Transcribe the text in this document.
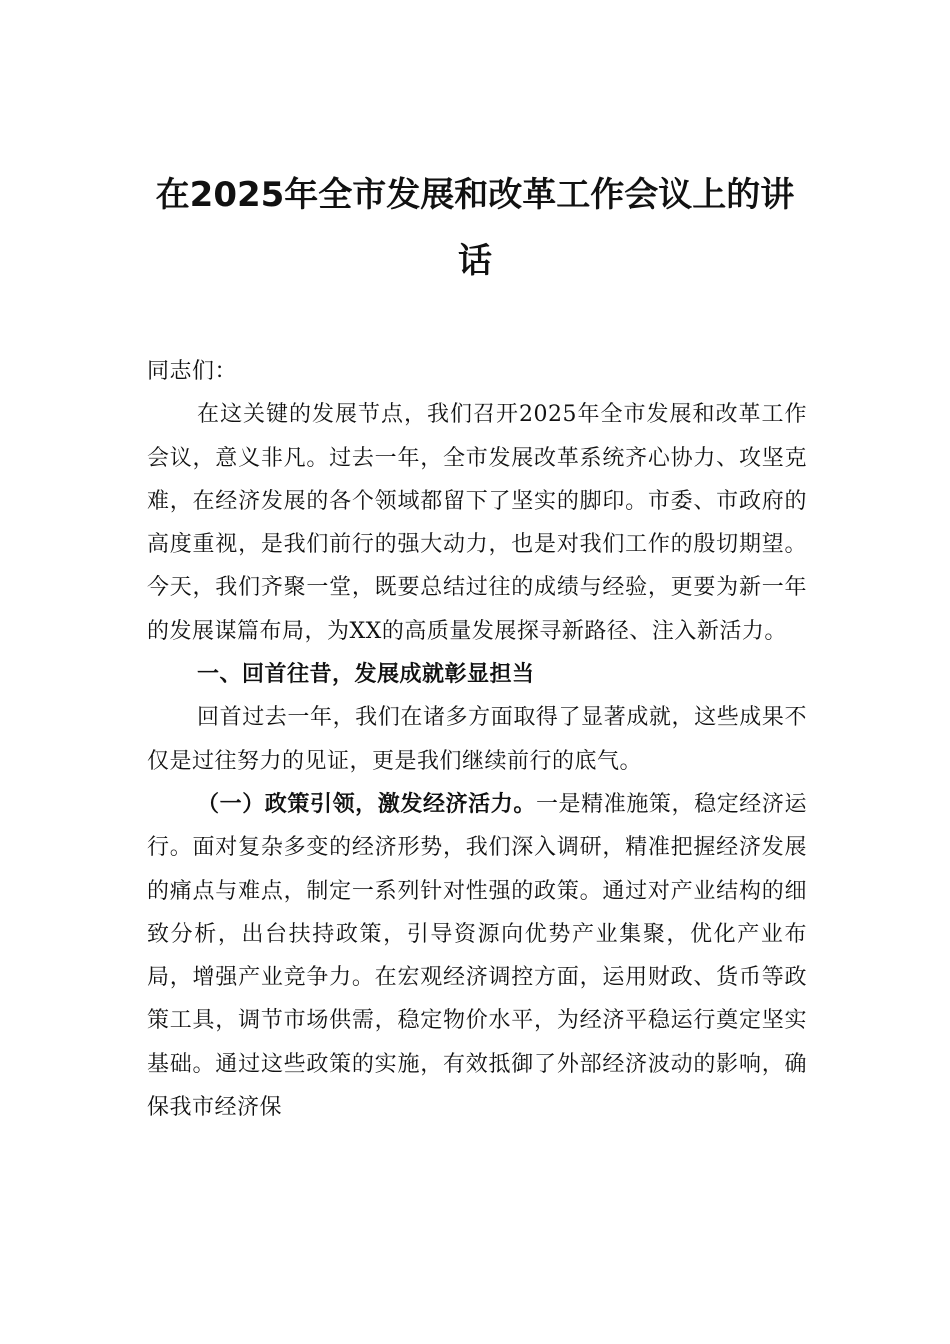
在2025年全市发展和改革工作会议上的讲话

同志们：

在这关键的发展节点，我们召开2025年全市发展和改革工作会议，意义非凡。过去一年，全市发展改革系统齐心协力、攻坚克难，在经济发展的各个领域都留下了坚实的脚印。市委、市政府的高度重视，是我们前行的强大动力，也是对我们工作的殷切期望。今天，我们齐聚一堂，既要总结过往的成绩与经验，更要为新一年的发展谋篇布局，为XX的高质量发展探寻新路径、注入新活力。

一、回首往昔，发展成就彰显担当

回首过去一年，我们在诸多方面取得了显著成就，这些成果不仅是过往努力的见证，更是我们继续前行的底气。

（一）政策引领，激发经济活力。一是精准施策，稳定经济运行。面对复杂多变的经济形势，我们深入调研，精准把握经济发展的痛点与难点，制定一系列针对性强的政策。通过对产业结构的细致分析，出台扶持政策，引导资源向优势产业集聚，优化产业布局，增强产业竞争力。在宏观经济调控方面，运用财政、货币等政策工具，调节市场供需，稳定物价水平，为经济平稳运行奠定坚实基础。通过这些政策的实施，有效抵御了外部经济波动的影响，确保我市经济保
